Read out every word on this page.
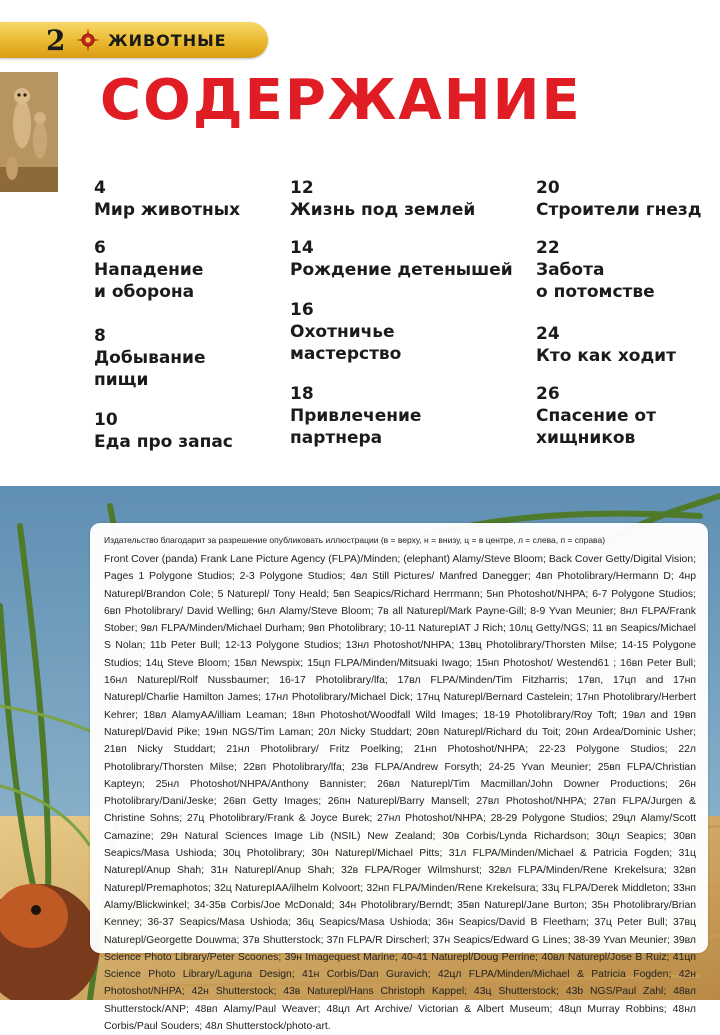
2	ЖИВОТНЫЕ
СОДЕРЖАНИЕ
4
Мир животных
6
Нападение
и оборона
8
Добывание
пищи
10
Еда про запас
12
Жизнь под землей
14
Рождение детенышей
16
Охотничье
мастерство
18
Привлечение
партнера
20
Строители гнезд
22
Забота
о потомстве
24
Кто как ходит
26
Спасение от
хищников

Издательство благодарит за разрешение опубликовать иллюстрации (в = верху, н = внизу, ц = в центре, л = слева, п = справа)

Front Cover (panda) Frank Lane Picture Agency (FLPA)/Minden; (elephant) Alamy/Steve Bloom; Back Cover Getty/Digital Vision; Pages 1 Polygone Studios; 2-3 Polygone Studios; 4вл Still Pictures/ Manfred Danegger; 4вп Photolibrary/Hermann D; 4нр Naturepl/Brandon Cole; 5 Naturepl/ Tony Heald; 5вп Seapics/Richard Herrmann; 5нп Photoshot/NHPA; 6-7 Polygone Studios; 6вп Photolibrary/ David Welling; 6нл Alamy/Steve Bloom; 7в all Naturepl/Mark Payne-Gill; 8-9 Yvan Meunier; 8нл FLPA/Frank Stober; 9вл FLPA/Minden/Michael Durham; 9вп Photolibrary; 10-11 NaturepIAT J Rich; 10лц Getty/NGS; 11 вп Seapics/Michael S Nolan; 11b Peter Bull; 12-13 Polygone Studios; 13нл Photoshot/NHPA; 13вц Photolibrary/Thorsten Milse; 14-15 Polygone Studios; 14ц Steve Bloom; 15вл Newspix; 15цп FLPA/Minden/Mitsuaki Iwago; 15нп Photoshot/ Westend61 ; 16вп Peter Bull; 16нл Naturepl/Rolf Nussbaumer; 16-17 Photolibrary/lfa; 17вл FLPA/Minden/Tim Fitzharris; 17вп, 17цп and 17нп Naturepl/Charlie Hamilton James; 17нл Photolibrary/Michael Dick; 17нц Naturepl/Bernard Castelein; 17нп Photolibrary/Herbert Kehrer; 18вл AlamyAA/illiam Leaman; 18нп Photoshot/Woodfall Wild Images; 18-19 Photolibrary/Roy Toft; 19вл and 19вп Naturepl/David Pike; 19нп NGS/Tim Laman; 20л Nicky Studdart; 20вп Naturepl/Richard du Toit; 20нп Ardea/Dominic Usher; 21вп Nicky Studdart; 21нл Photolibrary/ Fritz Poelking; 21нп Photoshot/NHPA; 22-23 Polygone Studios; 22л Photolibrary/Thorsten Milse; 22вп Photolibrary/lfa; 23в FLPA/Andrew Forsyth; 24-25 Yvan Meunier; 25вп FLPA/Christian Kapteyn; 25нл Photoshot/NHPA/Anthony Bannister; 26вл Naturepl/Tim Macmillan/John Downer Productions; 26н Photolibrary/Dani/Jeske; 26вп Getty Images; 26пн Naturepl/Barry Mansell; 27вл Photoshot/NHPA; 27вп FLPA/Jurgen & Christine Sohns; 27ц Photolibrary/Frank & Joyce Burek; 27нл Photoshot/NHPA; 28-29 Polygone Studios; 29цл Alamy/Scott Camazine; 29н Natural Sciences Image Lib (NSIL) New Zealand; 30в Corbis/Lynda Richardson; 30цл Seapics; 30вп Seapics/Masa Ushioda; 30ц Photolibrary; 30н Naturepl/Michael Pitts; 31л FLPA/Minden/Michael & Patricia Fogden; 31ц Naturepl/Anup Shah; 31н Naturepl/Anup Shah; 32в FLPA/Roger Wilmshurst; 32вл FLPA/Minden/Rene Krekelsura; 32вп Naturepl/Premaphotos; 32ц NaturepIAA/ilhelm Kolvoort; 32нп FLPA/Minden/Rene Krekelsura; 33ц FLPA/Derek Middleton; 33нп Alamy/Blickwinkel; 34-35в Corbis/Joe McDonald; 34н Photolibrary/Berndt; 35вп Naturepl/Jane Burton; 35н Photolibrary/Brian Kenney; 36-37 Seapics/Masa Ushioda; 36ц Seapics/Masa Ushioda; 36н Seapics/David B Fleetham; 37ц Peter Bull; 37вц Naturepl/Georgette Douwma; 37в Shutterstock; 37п FLPA/R Dirscherl; 37н Seapics/Edward G Lines; 38-39 Yvan Meunier; 39вл Science Photo Library/Peter Scoones; 39н Imagequest Marine; 40-41 Naturepl/Doug Perrine; 40вл Naturepl/Jose B Ruiz; 41цп Science Photo Library/Laguna Design; 41н Corbis/Dan Guravich; 42цл FLPA/Minden/Michael & Patricia Fogden; 42н Photoshot/NHPA; 42н Shutterstock; 43в Naturepl/Hans Christoph Kappel; 43ц Shutterstock; 43b NGS/Paul Zahl; 48вл Shutterstock/ANP; 48вп Alamy/Paul Weaver; 48цл Art Archive/ Victorian & Albert Museum; 48цп Murray Robbins; 48нл Corbis/Paul Souders; 48л Shutterstock/photo-art.
